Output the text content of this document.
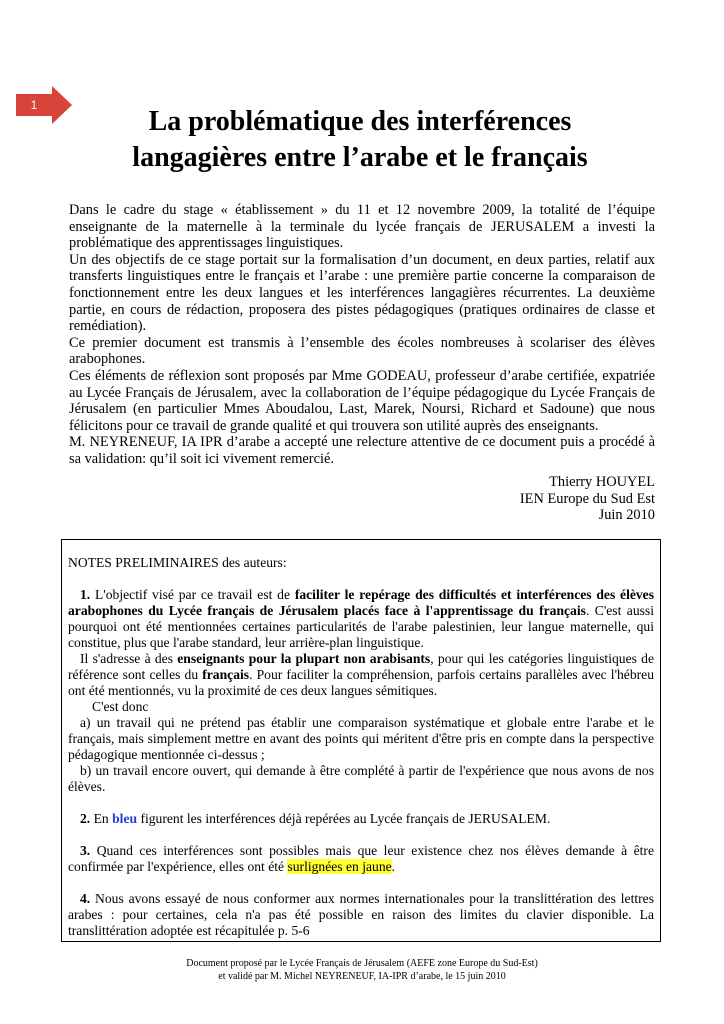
1
La problématique des interférences
langagières entre l’arabe et le français

Dans le cadre du stage « établissement » du 11 et 12 novembre 2009, la totalité de l’équipe enseignante de la maternelle à la terminale du lycée français de JERUSALEM a investi la problématique des apprentissages linguistiques.

Un des objectifs de ce stage portait sur la formalisation d’un document, en deux parties, relatif aux transferts linguistiques entre le français et l’arabe : une première partie concerne la comparaison de fonctionnement entre les deux langues et les interférences langagières récurrentes. La deuxième partie, en cours de rédaction, proposera des pistes pédagogiques (pratiques ordinaires de classe et remédiation).

Ce premier document est transmis à l’ensemble des écoles nombreuses à scolariser des élèves arabophones.

Ces éléments de réflexion sont proposés par Mme GODEAU, professeur d’arabe certifiée, expatriée au Lycée Français de Jérusalem, avec la collaboration de l’équipe pédagogique du Lycée Français de Jérusalem (en particulier Mmes Aboudalou, Last, Marek, Noursi, Richard et Sadoune) que nous félicitons pour ce travail de grande qualité et qui trouvera son utilité auprès des enseignants.

M. NEYRENEUF, IA IPR d’arabe a accepté une relecture attentive de ce document puis a procédé à sa validation: qu’il soit ici vivement remercié.

Thierry HOUYEL
IEN Europe du Sud Est
Juin 2010

NOTES PRELIMINAIRES des auteurs:

1. L'objectif visé par ce travail est de faciliter le repérage des difficultés et interférences des élèves arabophones du Lycée français de Jérusalem placés face à l'apprentissage du français. C'est aussi pourquoi ont été mentionnées certaines particularités de l'arabe palestinien, leur langue maternelle, qui constitue, plus que l'arabe standard, leur arrière-plan linguistique.

Il s'adresse à des enseignants pour la plupart non arabisants, pour qui les catégories linguistiques de référence sont celles du français. Pour faciliter la compréhension, parfois certains parallèles avec l'hébreu ont été mentionnés, vu la proximité de ces deux langues sémitiques.

C'est donc

a) un travail qui ne prétend pas établir une comparaison systématique et globale entre l'arabe et le français, mais simplement mettre en avant des points qui méritent d'être pris en compte dans la perspective pédagogique mentionnée ci-dessus ;

b) un travail encore ouvert, qui demande à être complété à partir de l'expérience que nous avons de nos élèves.

2. En bleu figurent les interférences déjà repérées au Lycée français de JERUSALEM.

3. Quand ces interférences sont possibles mais que leur existence chez nos élèves demande à être confirmée par l'expérience, elles ont été surlignées en jaune.

4. Nous avons essayé de nous conformer aux normes internationales pour la translittération des lettres arabes : pour certaines, cela n'a pas été possible en raison des limites du clavier disponible. La translittération adoptée est récapitulée p. 5-6

Document proposé par le Lycée Français de Jérusalem (AEFE zone Europe du Sud-Est)
et validé par M. Michel NEYRENEUF, IA-IPR d’arabe, le 15 juin 2010
